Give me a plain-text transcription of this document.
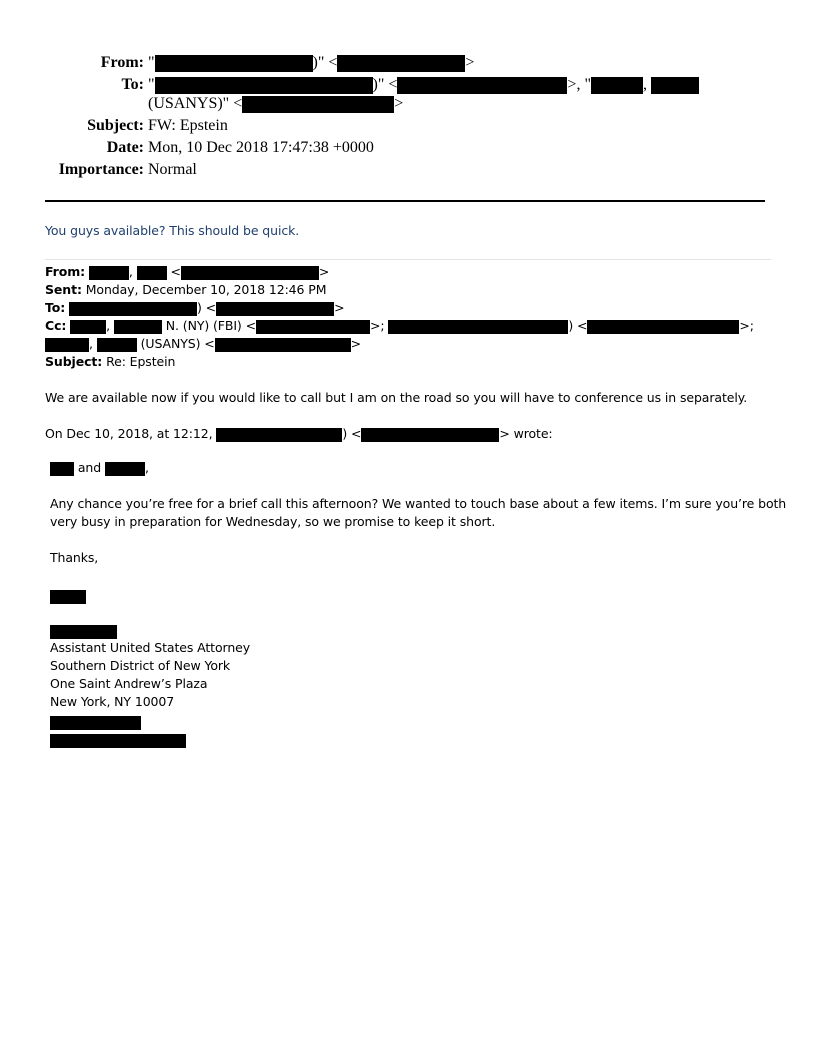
From: "	)" <	>
To: "	)" <	>, "	,
(USANYS)" <	>
Subject: FW: Epstein
Date: Mon, 10 Dec 2018 17:47:38 +0000
Importance: Normal
You guys available? This should be quick.
From:	,	<	>
Sent: Monday, December 10, 2018 12:46 PM
To:	) <	>
Cc:	,	N. (NY) (FBI) <	>;	) <	>;
,	(USANYS) <	>
Subject: Re: Epstein
We are available now if you would like to call but I am on the road so you will have to conference us in separately.
On Dec 10, 2018, at 12:12,	) <	> wrote:
and	,
Any chance you’re free for a brief call this afternoon? We wanted to touch base about a few items. I’m sure you’re both
very busy in preparation for Wednesday, so we promise to keep it short.
Thanks,
Assistant United States Attorney
Southern District of New York
One Saint Andrew’s Plaza
New York, NY 10007
